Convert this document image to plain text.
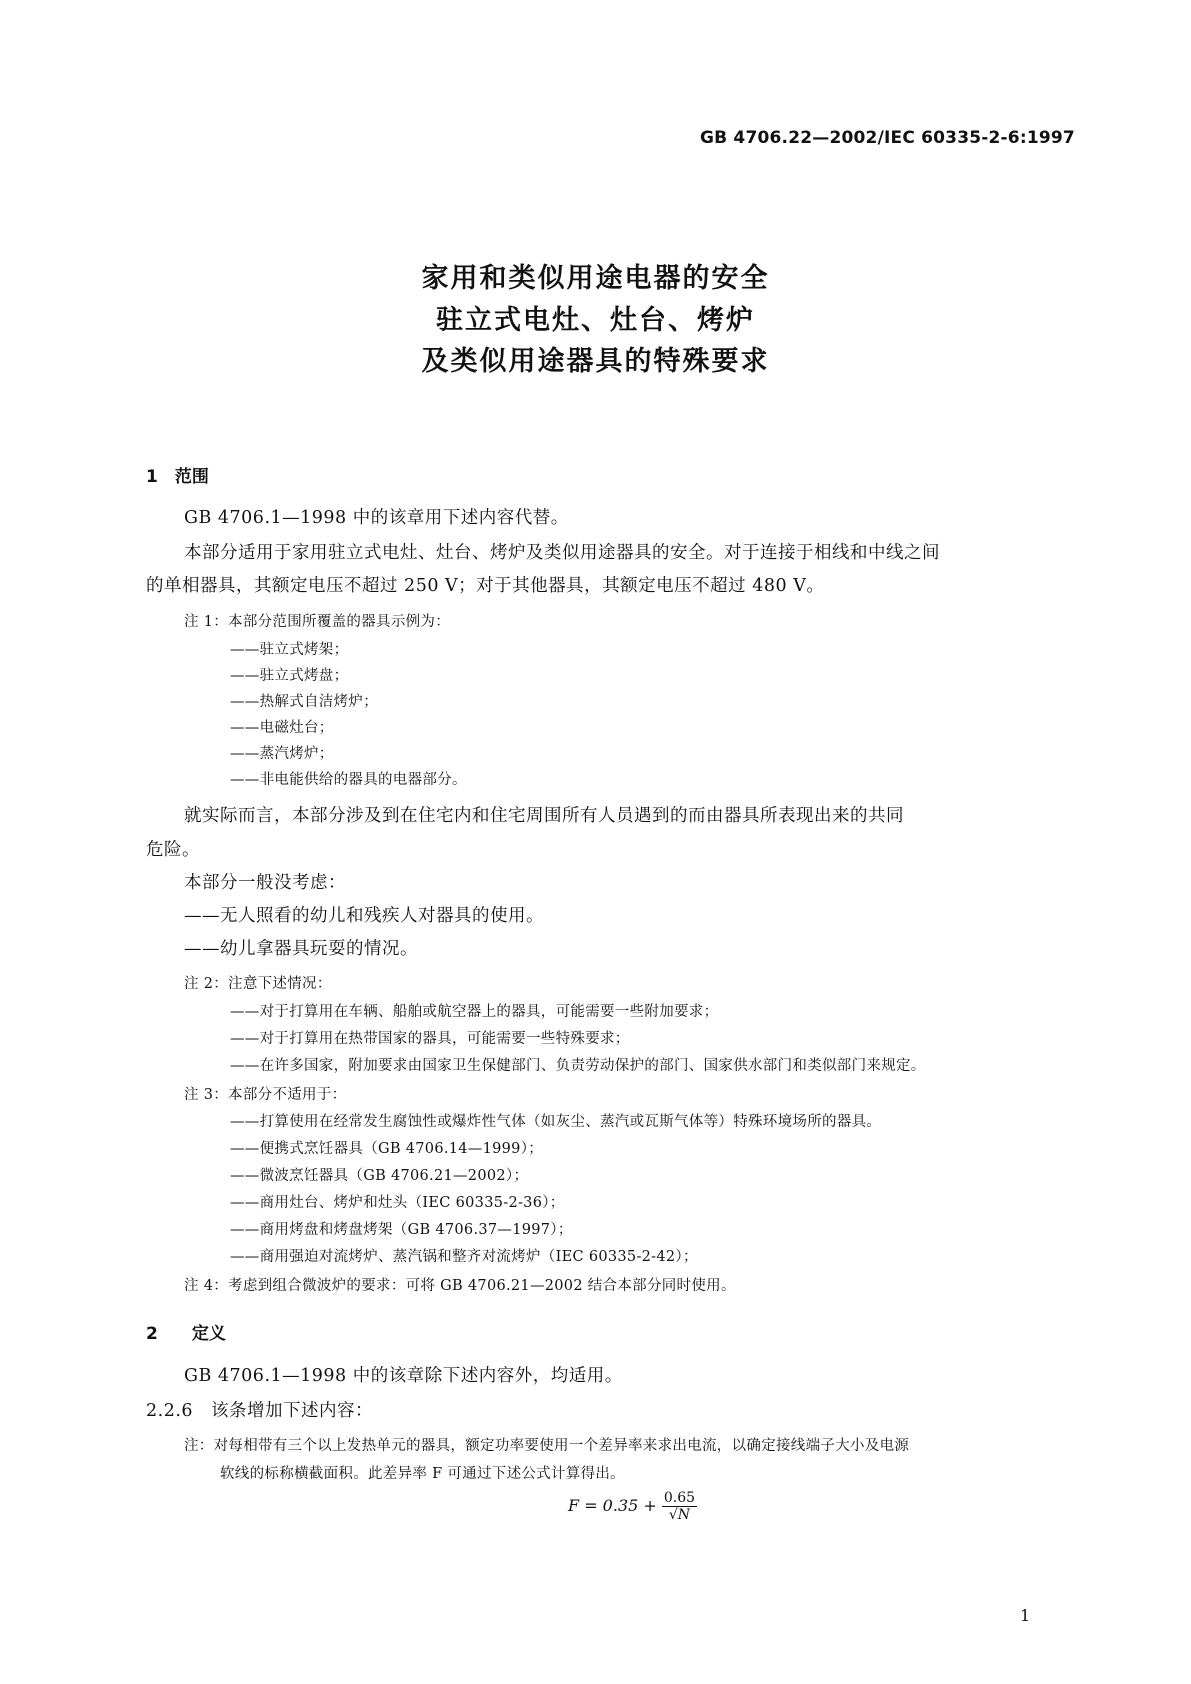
GB 4706.22—2002/IEC 60335-2-6:1997
家用和类似用途电器的安全
驻立式电灶、灶台、烤炉
及类似用途器具的特殊要求
1　范围
GB 4706.1—1998 中的该章用下述内容代替。
本部分适用于家用驻立式电灶、灶台、烤炉及类似用途器具的安全。对于连接于相线和中线之间
的单相器具，其额定电压不超过 250 V；对于其他器具，其额定电压不超过 480 V。
注 1：本部分范围所覆盖的器具示例为：
——驻立式烤架；
——驻立式烤盘；
——热解式自洁烤炉；
——电磁灶台；
——蒸汽烤炉；
——非电能供给的器具的电器部分。
就实际而言，本部分涉及到在住宅内和住宅周围所有人员遇到的而由器具所表现出来的共同
危险。
本部分一般没考虑：
——无人照看的幼儿和残疾人对器具的使用。
——幼儿拿器具玩耍的情况。
注 2：注意下述情况：
——对于打算用在车辆、船舶或航空器上的器具，可能需要一些附加要求；
——对于打算用在热带国家的器具，可能需要一些特殊要求；
——在许多国家，附加要求由国家卫生保健部门、负责劳动保护的部门、国家供水部门和类似部门来规定。
注 3：本部分不适用于：
——打算使用在经常发生腐蚀性或爆炸性气体（如灰尘、蒸汽或瓦斯气体等）特殊环境场所的器具。
——便携式烹饪器具（GB 4706.14—1999）；
——微波烹饪器具（GB 4706.21—2002）；
——商用灶台、烤炉和灶头（IEC 60335-2-36）；
——商用烤盘和烤盘烤架（GB 4706.37—1997）；
——商用强迫对流烤炉、蒸汽锅和整齐对流烤炉（IEC 60335-2-42）；
注 4：考虑到组合微波炉的要求：可将 GB 4706.21—2002 结合本部分同时使用。
2　　定义
GB 4706.1—1998 中的该章除下述内容外，均适用。
2.2.6　该条增加下述内容：
注：对每相带有三个以上发热单元的器具，额定功率要使用一个差异率来求出电流，以确定接线端子大小及电源
软线的标称横截面积。此差异率 F 可通过下述公式计算得出。
$F = 0.35 + \frac{0.65}{√N}$
1
